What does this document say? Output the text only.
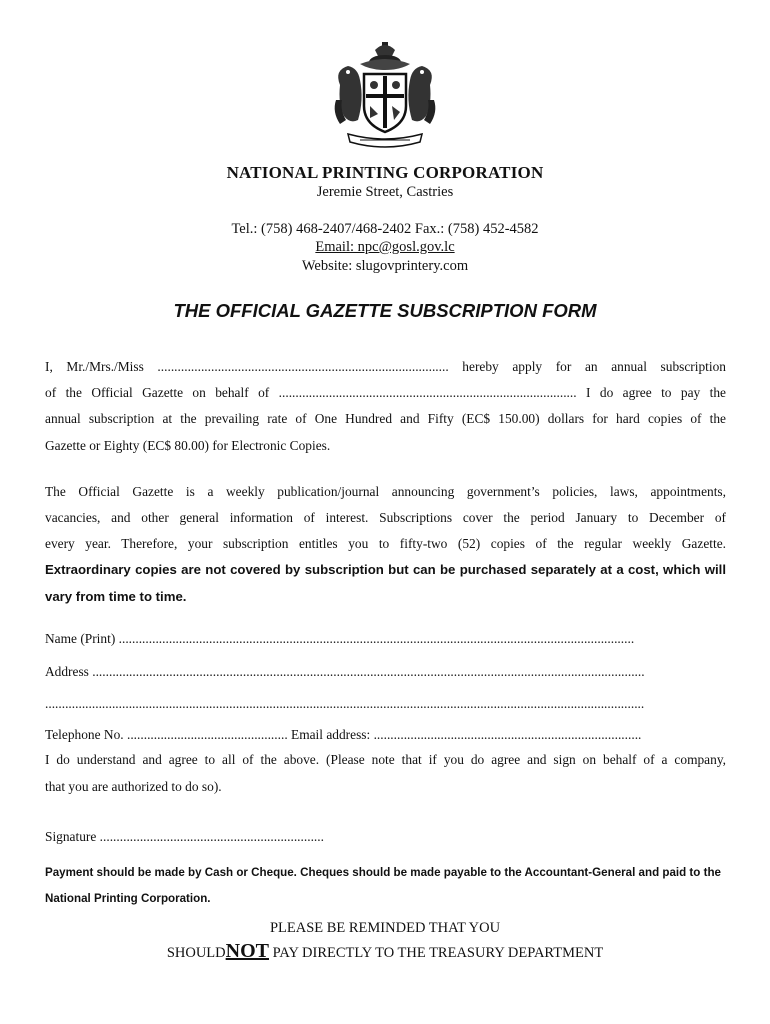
NATIONAL PRINTING CORPORATION
Jeremie Street, Castries
Tel.: (758) 468-2407/468-2402 Fax.: (758) 452-4582
Email: npc@gosl.gov.lc
Website: slugovprintery.com
THE OFFICIAL GAZETTE SUBSCRIPTION FORM
I, Mr./Mrs./Miss ....................................................................................... hereby apply for an annual subscription
of the Official Gazette on behalf of ......................................................................................... I do agree to pay the
annual subscription at the prevailing rate of One Hundred and Fifty (EC$ 150.00) dollars for hard copies of the
Gazette or Eighty (EC$ 80.00) for Electronic Copies.
The Official Gazette is a weekly publication/journal announcing government’s policies, laws, appointments,
vacancies, and other general information of interest. Subscriptions cover the period January to December of
every year. Therefore, your subscription entitles you to fifty-two (52) copies of the regular weekly Gazette.
Extraordinary copies are not covered by subscription but can be purchased separately at a cost, which will
vary from time to time.
Name (Print) ..........................................................................................................................................................
Address .....................................................................................................................................................................
...................................................................................................................................................................................
Telephone No. ................................................ Email address: ................................................................................
I do understand and agree to all of the above. (Please note that if you do agree and sign on behalf of a company,
that you are authorized to do so).
Signature ...................................................................
Payment should be made by Cash or Cheque. Cheques should be made payable to the Accountant-General and paid to the
National Printing Corporation.
PLEASE BE REMINDED THAT YOU
SHOULDNOT PAY DIRECTLY TO THE TREASURY DEPARTMENT
